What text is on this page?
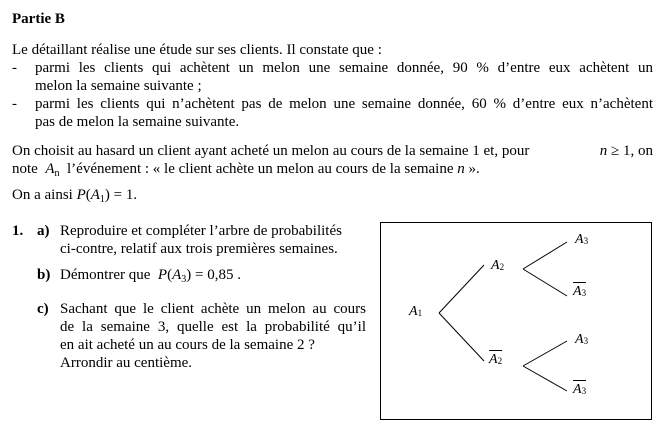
Partie B
Le détaillant réalise une étude sur ses clients. Il constate que :
- parmi les clients qui achètent un melon une semaine donnée, 90 % d’entre eux achètent un
melon la semaine suivante ;
- parmi les clients qui n’achètent pas de melon une semaine donnée, 60 % d’entre eux n’achètent
pas de melon la semaine suivante.
On choisit au hasard un client ayant acheté un melon au cours de la semaine 1 et, pour	n ≥ 1, on
note $A_n$ l’événement : « le client achète un melon au cours de la semaine n ».
On a ainsi $P(A_1) = 1$.
1. a) Reproduire et compléter l’arbre de probabilités
ci-contre, relatif aux trois premières semaines.
b) Démontrer que $P(A_3) = 0,85$ .
c) Sachant que le client achète un melon au cours
de la semaine 3, quelle est la probabilité qu’il
en ait acheté un au cours de la semaine 2 ?
Arrondir au centième.
$A_1$
$A_2$
$A_2$
$A_3$
$A_3$
$A_3$
$A_3$
